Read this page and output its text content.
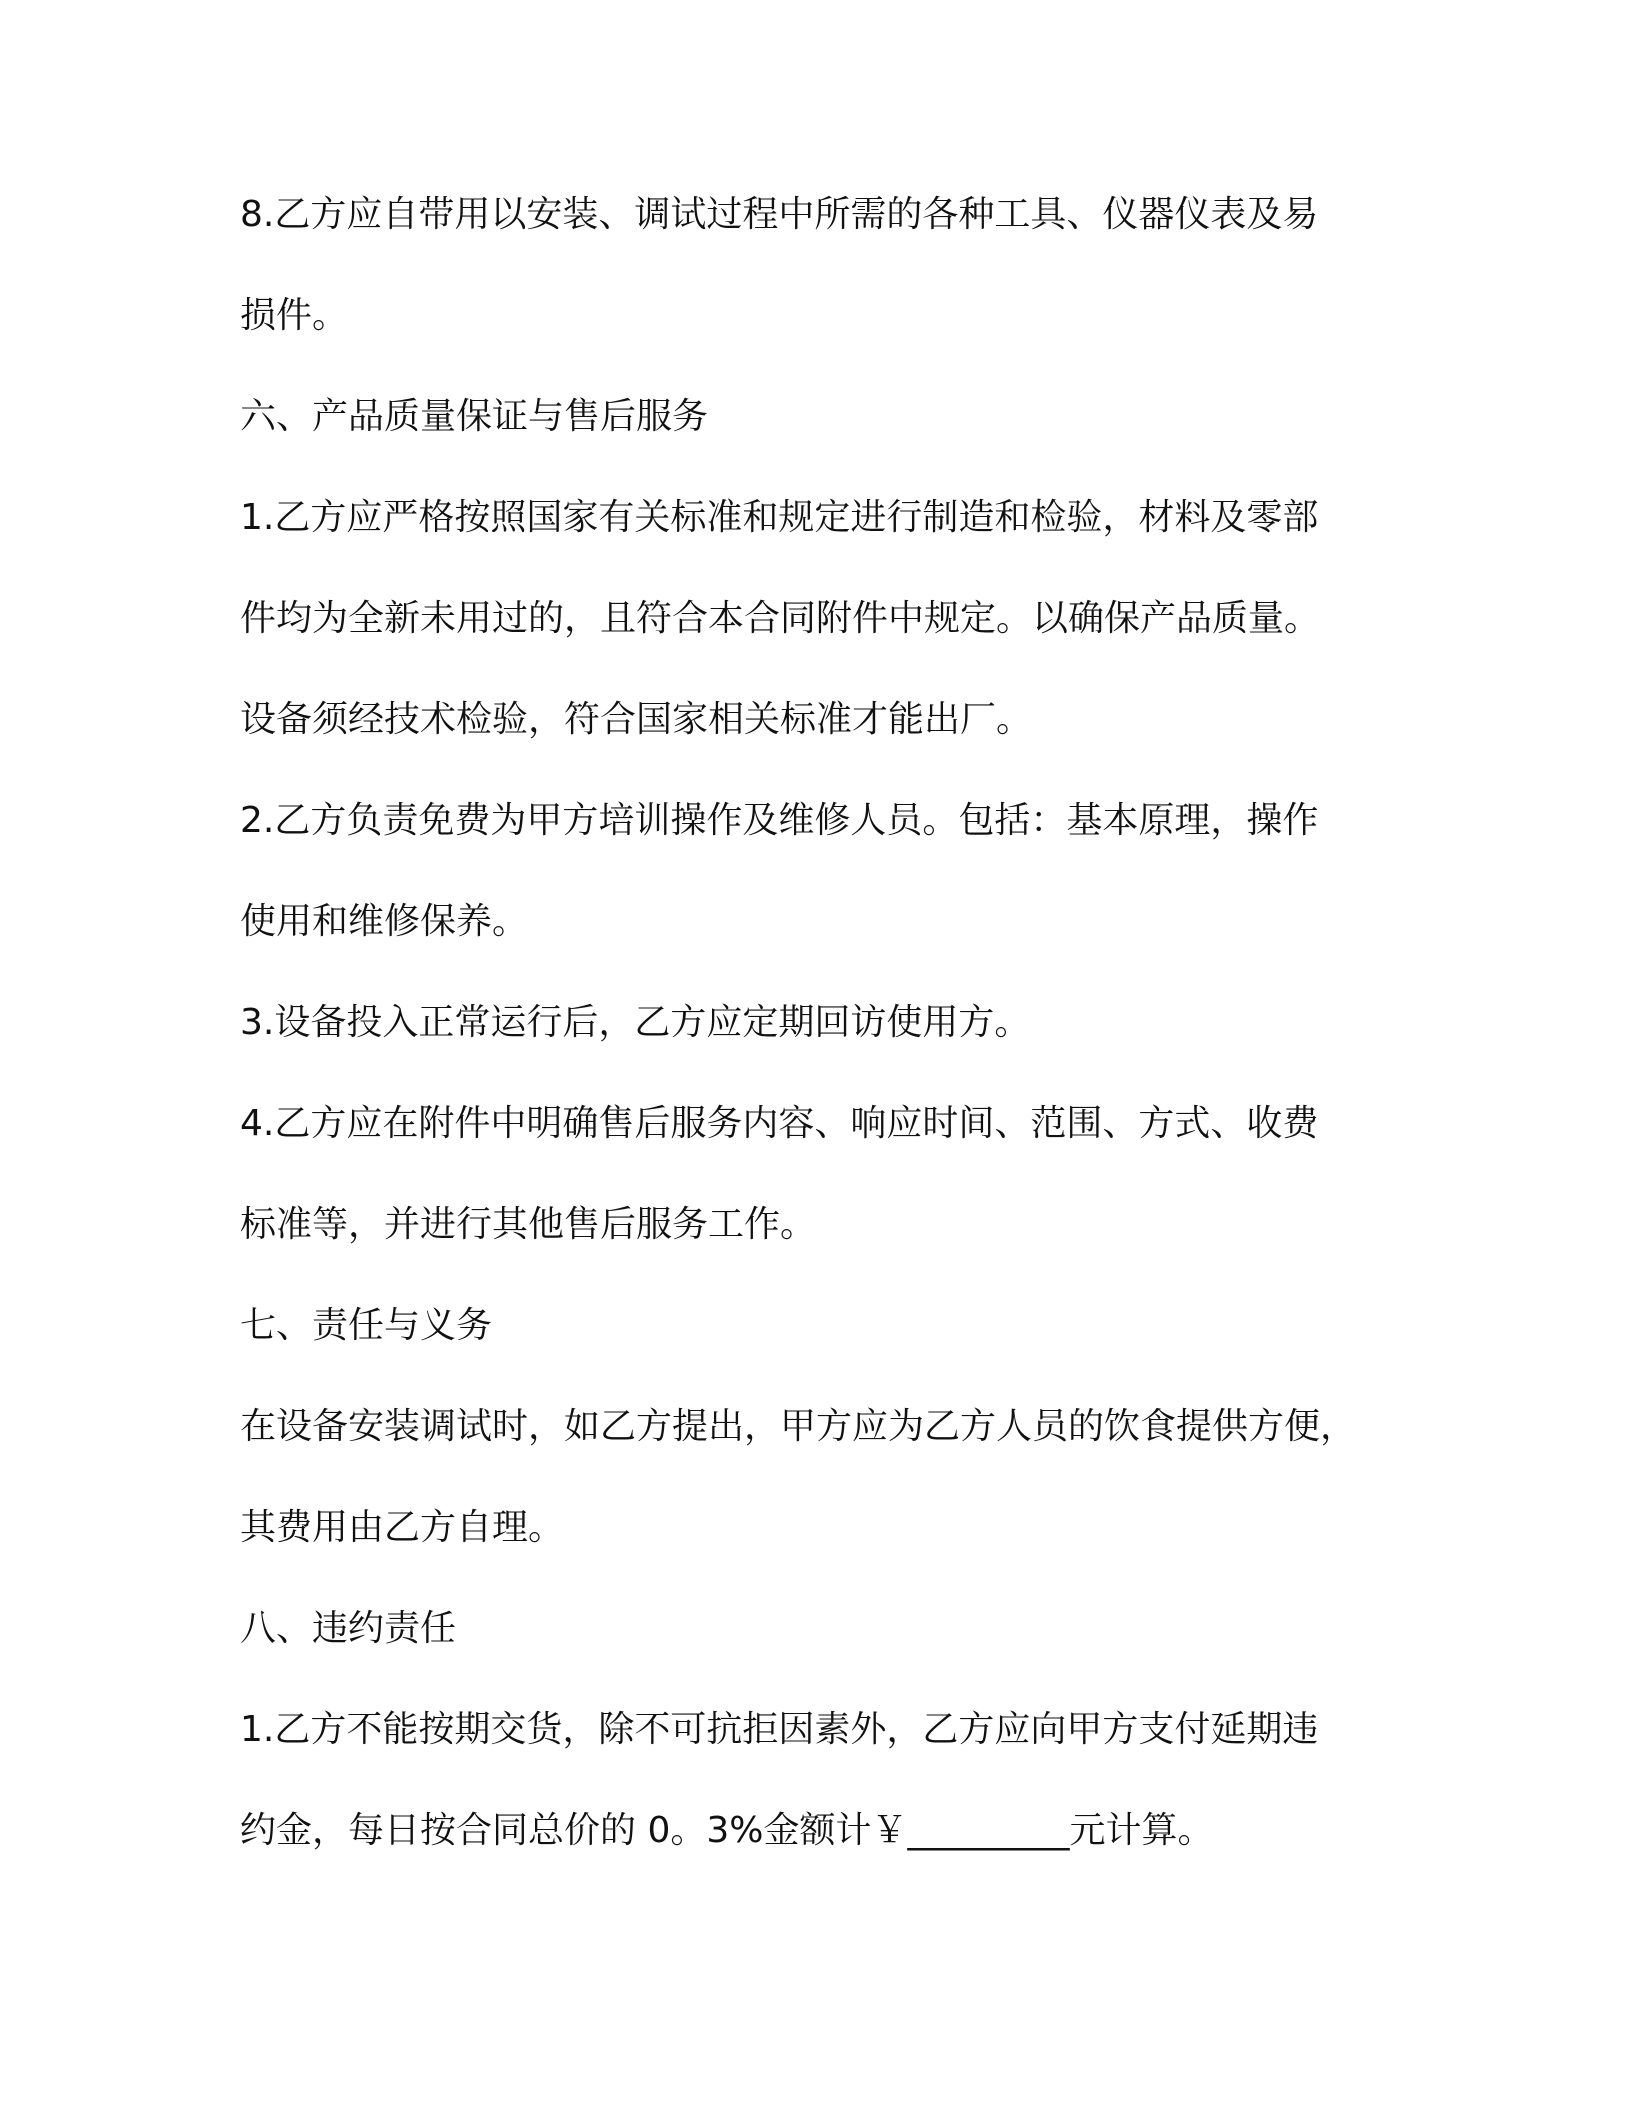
8.乙方应自带用以安装、调试过程中所需的各种工具、仪器仪表及易
损件。
六、产品质量保证与售后服务
1.乙方应严格按照国家有关标准和规定进行制造和检验，材料及零部
件均为全新未用过的，且符合本合同附件中规定。以确保产品质量。
设备须经技术检验，符合国家相关标准才能出厂。
2.乙方负责免费为甲方培训操作及维修人员。包括：基本原理，操作
使用和维修保养。
3.设备投入正常运行后，乙方应定期回访使用方。
4.乙方应在附件中明确售后服务内容、响应时间、范围、方式、收费
标准等，并进行其他售后服务工作。
七、责任与义务
在设备安装调试时，如乙方提出，甲方应为乙方人员的饮食提供方便，
其费用由乙方自理。
八、违约责任
1.乙方不能按期交货，除不可抗拒因素外，乙方应向甲方支付延期违
约金，每日按合同总价的 0。3%金额计￥_________元计算。
